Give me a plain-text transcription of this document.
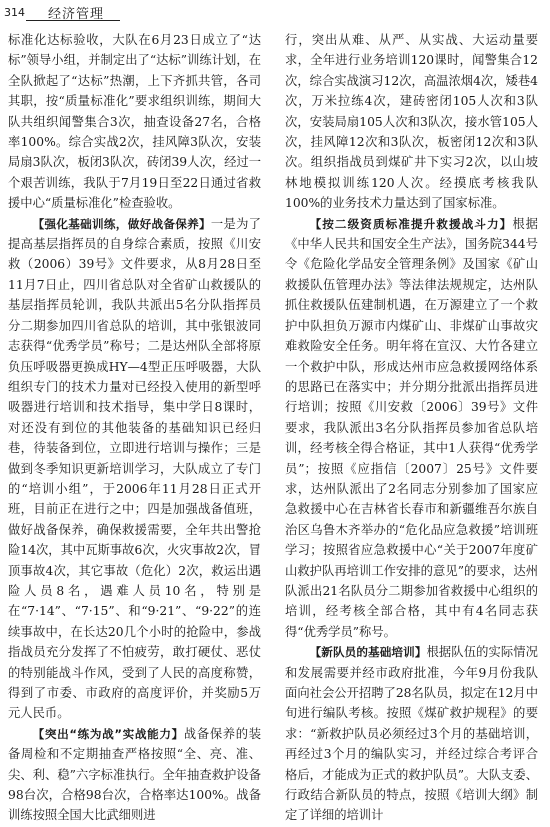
314	经济管理

标准化达标验收，大队在6月23日成立了“达标”领导小组，并制定出了“达标”训练计划，在全队掀起了“达标”热潮，上下齐抓共管，各司其职，按“质量标准化”要求组织训练，期间大队共组织闻警集合3次，抽查设备27名，合格率100%。综合实战2次，挂风障3队次，安装局扇3队次，板闭3队次，砖闭39人次，经过一个艰苦训练，我队于7月19日至22日通过省救援中心“质量标准化”检查验收。

【强化基础训练，做好战备保养】一是为了提高基层指挥员的自身综合素质，按照《川安救（2006）39号》文件要求，从8月28日至11月7日止，四川省总队对全省矿山救援队的基层指挥员轮训，我队共派出5名分队指挥员分二期参加四川省总队的培训，其中张银波同志获得“优秀学员”称号；二是达州队全部将原负压呼吸器更换成HY—4型正压呼吸器，大队组织专门的技术力量对已经投入使用的新型呼吸器进行培训和技术指导，集中学日8课时，对还没有到位的其他装备的基础知识已经归巷，待装备到位，立即进行培训与操作；三是做到冬季知识更新培训学习，大队成立了专门的“培训小组”，于2006年11月28日正式开班，目前正在进行之中；四是加强战备值班，做好战备保养，确保救援需要，全年共出警抢险14次，其中瓦斯事故6次，火灾事故2次，冒顶事故4次，其它事故（危化）2次，救运出遇险人员8名，遇难人员10名，特别是在“7·14”、“7·15”、和“9·21”、“9·22”的连续事故中，在长达20几个小时的抢险中，参战指战员充分发挥了不怕疲劳，敢打硬仗、恶仗的特别能战斗作风，受到了人民的高度称赞，得到了市委、市政府的高度评价，并奖励5万元人民币。

【突出“练为战”实战能力】战备保养的装备周检和不定期抽查严格按照“全、亮、准、尖、利、稳”六字标准执行。全年抽查救护设备98台次，合格98台次，合格率达100%。战备训练按照全国大比武细则进

行，突出从难、从严、从实战、大运动量要求，全年进行业务培训120课时，闻警集合12次，综合实战演习12次，高温浓烟4次，矮巷4次，万米拉练4次，建砖密闭105人次和3队次，安装局扇105人次和3队次，接水管105人次，挂风障12次和3队次，板密闭12次和3队次。组织指战员到煤矿井下实习2次，以山坡林地模拟训练120人次。经摸底考核我队100%的业务技术力量达到了国家标准。

【按二级资质标准提升救援战斗力】根据《中华人民共和国安全生产法》，国务院344号令《危险化学品安全管理条例》及国家《矿山救援队伍管理办法》等法律法规规定，达州队抓住救援队伍建制机遇，在万源建立了一个救护中队担负万源市内煤矿山、非煤矿山事故灾难救险安全任务。明年将在宣汉、大竹各建立一个救护中队，形成达州市应急救援网络体系的思路已在落实中；并分期分批派出指挥员进行培训；按照《川安救〔2006〕39号》文件要求，我队派出3名分队指挥员参加省总队培训，经考核全得合格证，其中1人获得“优秀学员”；按照《应指信〔2007〕25号》文件要求，达州队派出了2名同志分别参加了国家应急救援中心在吉林省长春市和新疆维吾尔族自治区乌鲁木齐举办的“危化品应急救援”培训班学习；按照省应急救援中心“关于2007年度矿山救护队再培训工作安排的意见”的要求，达州队派出21名队员分二期参加省救援中心组织的培训，经考核全部合格，其中有4名同志获得“优秀学员”称号。

【新队员的基础培训】根据队伍的实际情况和发展需要并经市政府批准，今年9月份我队面向社会公开招聘了28名队员，拟定在12月中旬进行编队考核。按照《煤矿救护规程》的要求：“新救护队员必须经过3个月的基础培训，再经过3个月的编队实习，并经过综合考评合格后，才能成为正式的救护队员”。大队支委、行政结合新队员的特点，按照《培训大纲》制定了详细的培训计
